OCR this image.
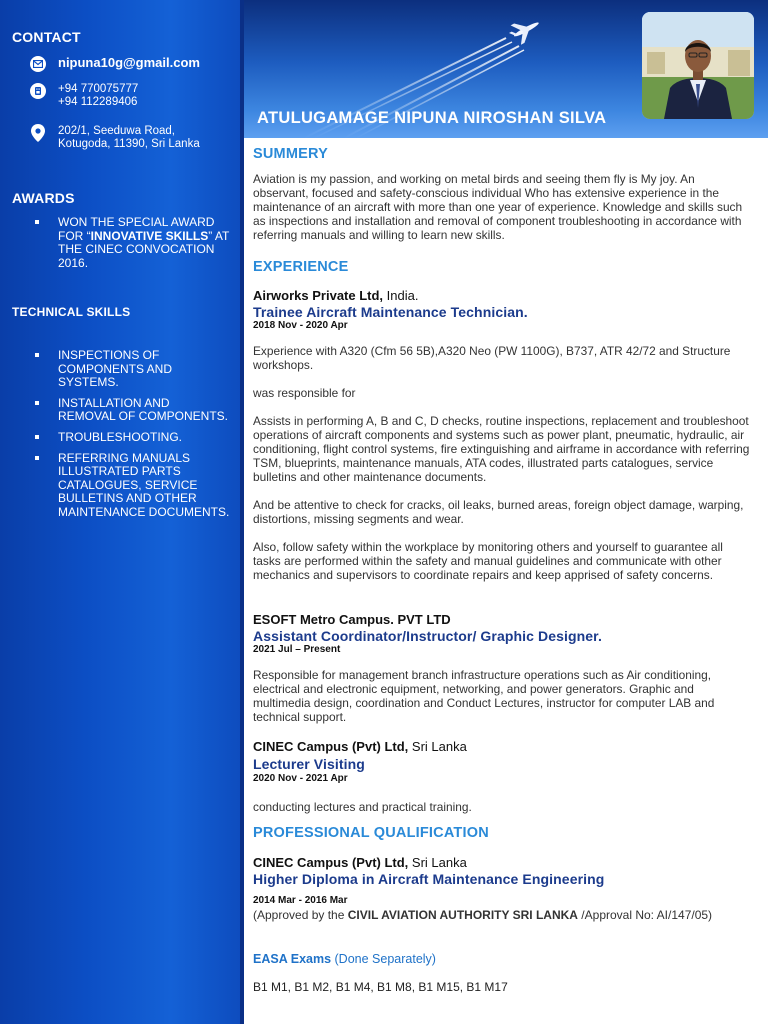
CONTACT
nipuna10g@gmail.com
+94 770075777
+94 112289406
202/1, Seeduwa Road,
Kotugoda, 11390, Sri Lanka
AWARDS
WON THE SPECIAL AWARD FOR “INNOVATIVE SKILLS” AT THE CINEC CONVOCATION 2016.
TECHNICAL SKILLS
INSPECTIONS OF COMPONENTS AND SYSTEMS.
INSTALLATION AND REMOVAL OF COMPONENTS.
TROUBLESHOOTING.
REFERRING MANUALS ILLUSTRATED PARTS CATALOGUES, SERVICE BULLETINS AND OTHER MAINTENANCE DOCUMENTS.
ATULUGAMAGE NIPUNA NIROSHAN SILVA
SUMMERY
Aviation is my passion, and working on metal birds and seeing them fly is My joy. An observant, focused and safety-conscious individual Who has extensive experience in the maintenance of an aircraft with more than one year of experience. Knowledge and skills such as inspections and installation and removal of component troubleshooting in accordance with referring manuals and willing to learn new skills.
EXPERIENCE
Airworks Private Ltd, India.
Trainee Aircraft Maintenance Technician.
2018 Nov - 2020 Apr
Experience with A320 (Cfm 56 5B),A320 Neo (PW 1100G), B737, ATR 42/72 and Structure workshops.
was responsible for
Assists in performing A, B and C, D checks, routine inspections, replacement and troubleshoot operations of aircraft components and systems such as power plant, pneumatic, hydraulic, air conditioning, flight control systems, fire extinguishing and airframe in accordance with referring TSM, blueprints, maintenance manuals, ATA codes, illustrated parts catalogues, service bulletins and other maintenance documents.
And be attentive to check for cracks, oil leaks, burned areas, foreign object damage, warping, distortions, missing segments and wear.
Also, follow safety within the workplace by monitoring others and yourself to guarantee all tasks are performed within the safety and manual guidelines and communicate with other mechanics and supervisors to coordinate repairs and keep apprised of safety concerns.
ESOFT Metro Campus. PVT LTD
Assistant Coordinator/Instructor/ Graphic Designer.
2021 Jul – Present
Responsible for management branch infrastructure operations such as Air conditioning, electrical and electronic equipment, networking, and power generators. Graphic and multimedia design, coordination and Conduct Lectures, instructor for computer LAB and technical support.
CINEC Campus (Pvt) Ltd, Sri Lanka
Lecturer Visiting
2020 Nov - 2021 Apr
conducting lectures and practical training.
PROFESSIONAL QUALIFICATION
CINEC Campus (Pvt) Ltd, Sri Lanka
Higher Diploma in Aircraft Maintenance Engineering
2014 Mar - 2016 Mar
(Approved by the CIVIL AVIATION AUTHORITY SRI LANKA /Approval No: AI/147/05)
EASA Exams (Done Separately)
B1 M1, B1 M2, B1 M4, B1 M8, B1 M15, B1 M17
